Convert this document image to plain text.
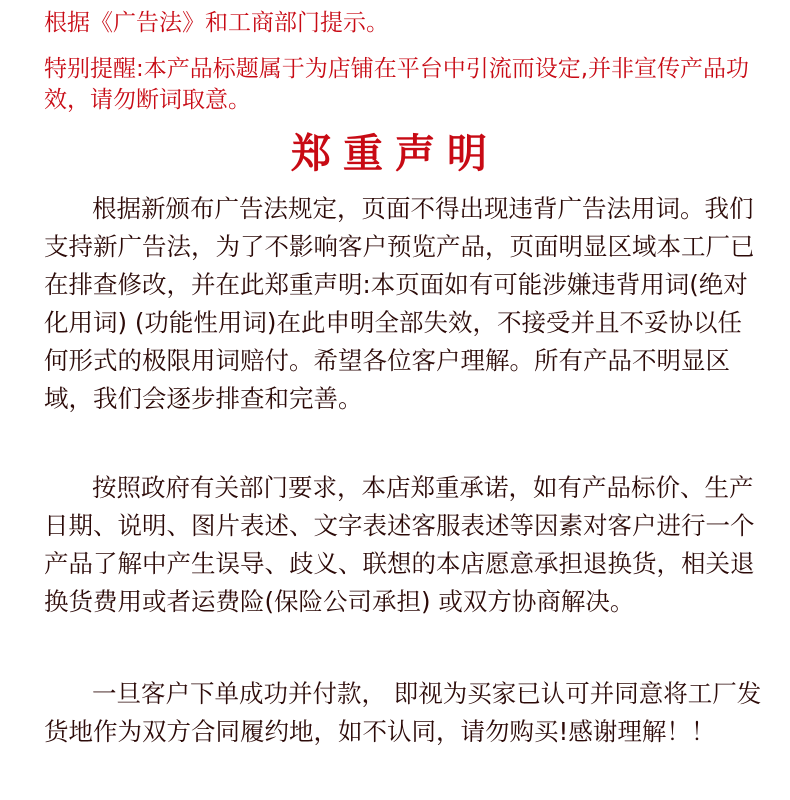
根据《广告法》和工商部门提示。

特别提醒:本产品标题属于为店铺在平台中引流而设定,并非宣传产品功效，请勿断词取意。

郑重声明

根据新颁布广告法规定，页面不得出现违背广告法用词。我们支持新广告法，为了不影响客户预览产品，页面明显区域本工厂已在排查修改，并在此郑重声明:本页面如有可能涉嫌违背用词(绝对化用词) (功能性用词)在此申明全部失效，不接受并且不妥协以任何形式的极限用词赔付。希望各位客户理解。所有产品不明显区域，我们会逐步排查和完善。

按照政府有关部门要求，本店郑重承诺，如有产品标价、生产日期、说明、图片表述、文字表述客服表述等因素对客户进行一个产品了解中产生误导、歧义、联想的本店愿意承担退换货，相关退换货费用或者运费险(保险公司承担) 或双方协商解决。

一旦客户下单成功并付款， 即视为买家已认可并同意将工厂发货地作为双方合同履约地，如不认同，请勿购买!感谢理解！！
